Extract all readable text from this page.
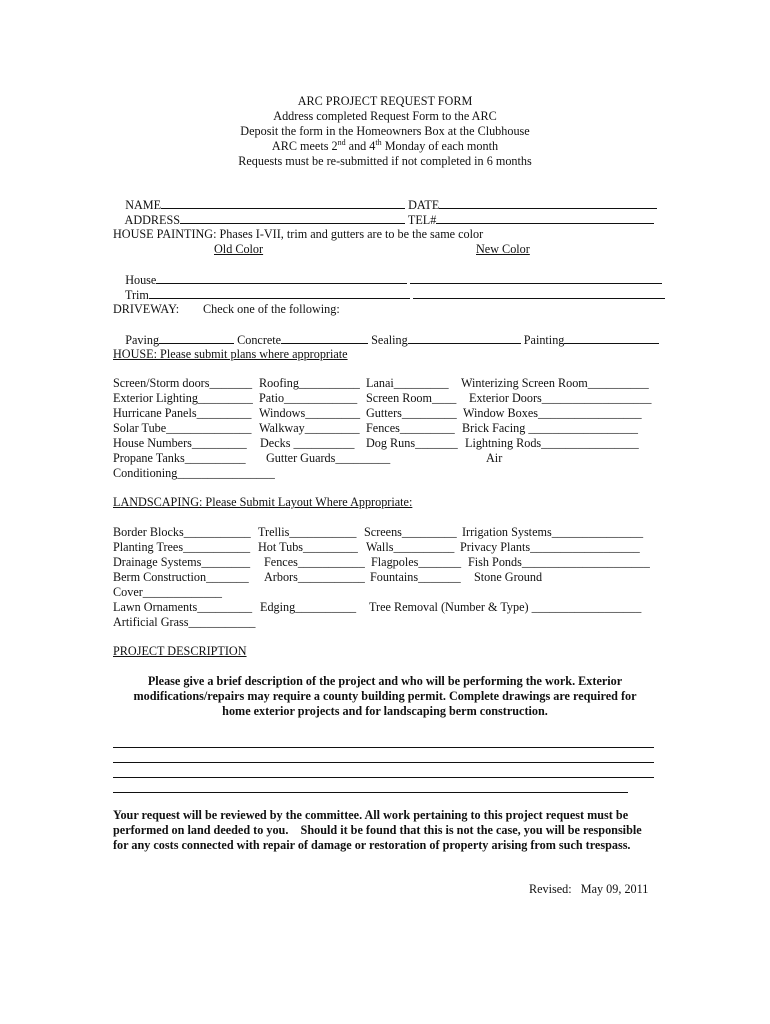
ARC PROJECT REQUEST FORM
Address completed Request Form to the ARC
Deposit the form in the Homeowners Box at the Clubhouse
ARC meets 2nd and 4th Monday of each month
Requests must be re-submitted if not completed in 6 months

NAME	DATE

ADDRESS	TEL#

HOUSE PAINTING: Phases I-VII, trim and gutters are to be the same color
Old Color	New Color

House

Trim

DRIVEWAY: Check one of the following:

Paving	Concrete	Sealing	Painting

HOUSE: Please submit plans where appropriate
Screen/Storm doors_______ Roofing__________ Lanai_________ Winterizing Screen Room__________
Exterior Lighting_________ Patio____________ Screen Room____ Exterior Doors__________________
Hurricane Panels_________ Windows_________ Gutters_________ Window Boxes_________________
Solar Tube______________ Walkway_________ Fences_________ Brick Facing __________________
House Numbers_________ Decks __________ Dog Runs_______ Lightning Rods________________
Propane Tanks__________ Gutter Guards_________	Air
Conditioning________________
LANDSCAPING: Please Submit Layout Where Appropriate:
Border Blocks___________ Trellis___________ Screens_________ Irrigation Systems_______________
Planting Trees___________ Hot Tubs_________ Walls__________ Privacy Plants__________________
Drainage Systems________ Fences___________ Flagpoles_______ Fish Ponds_____________________
Berm Construction_______ Arbors___________ Fountains_______ Stone Ground
Cover_____________
Lawn Ornaments_________ Edging__________ Tree Removal (Number & Type) __________________
Artificial Grass___________
PROJECT DESCRIPTION
Please give a brief description of the project and who will be performing the work. Exterior
modifications/repairs may require a county building permit. Complete drawings are required for
home exterior projects and for landscaping berm construction.
Your request will be reviewed by the committee. All work pertaining to this project request must be
performed on land deeded to you.    Should it be found that this is not the case, you will be responsible
for any costs connected with repair of damage or restoration of property arising from such trespass.
Revised:   May 09, 2011
